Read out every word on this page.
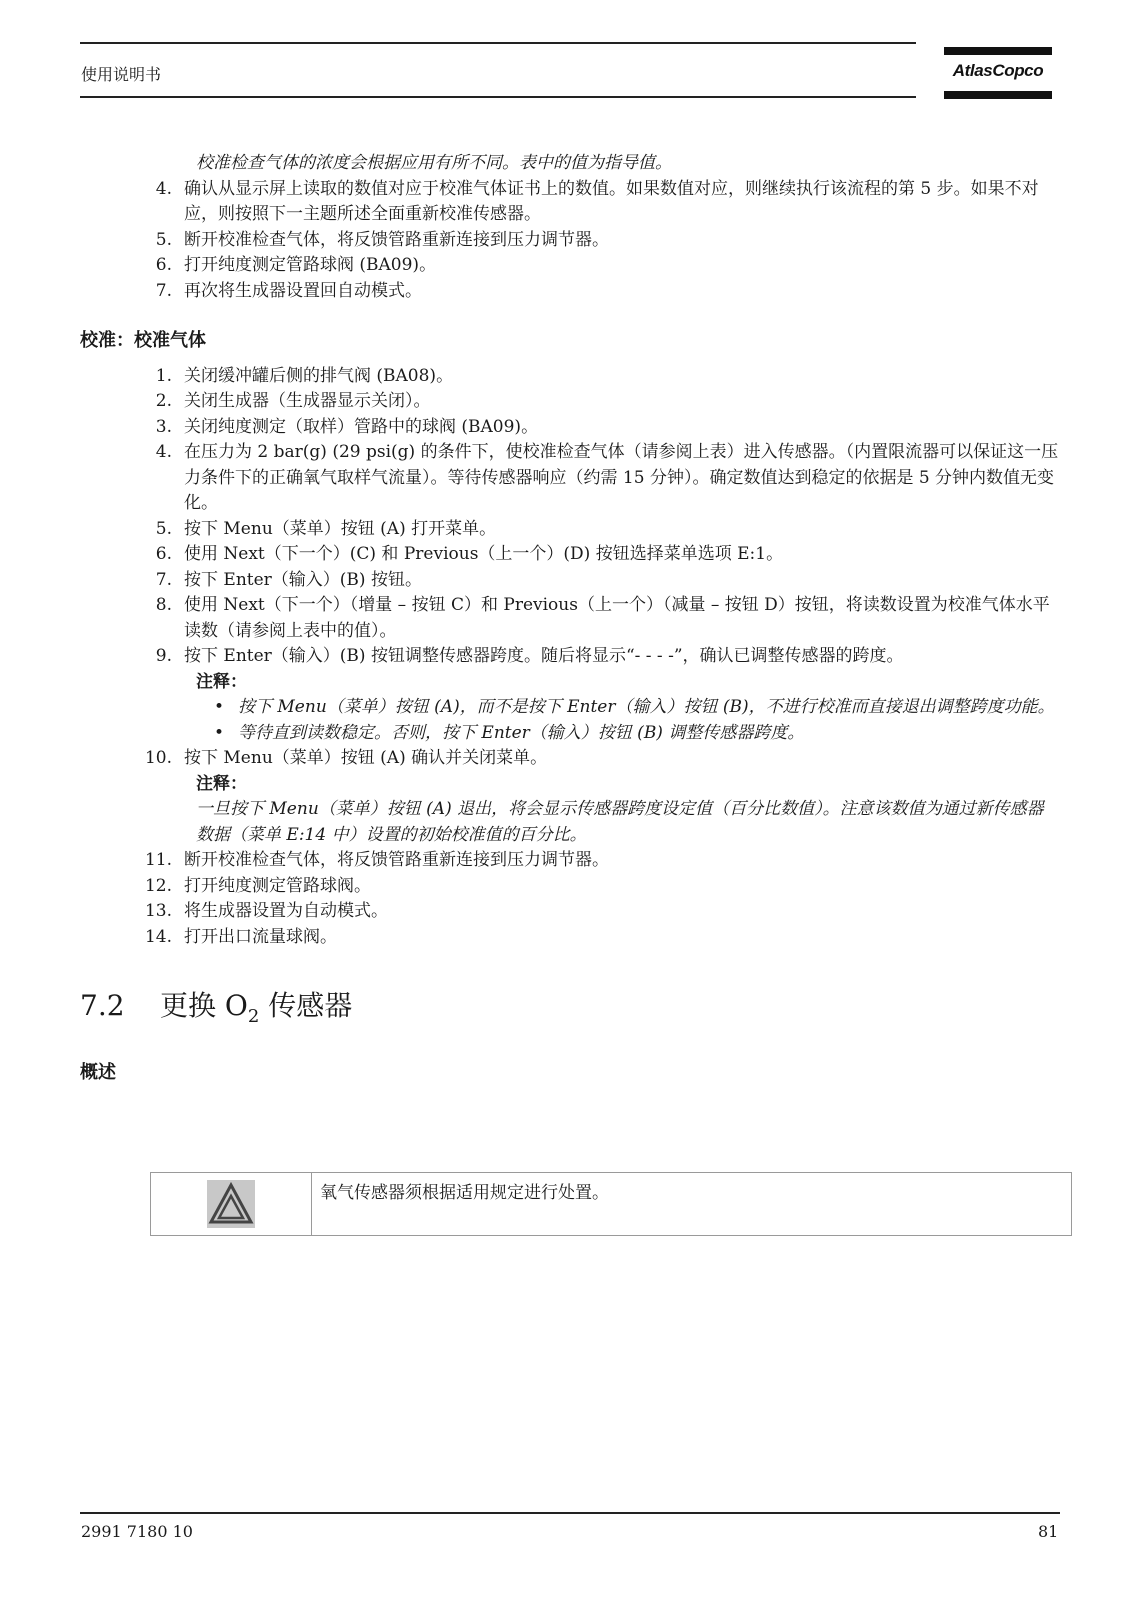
使用说明书	AtlasCopco

校准检查气体的浓度会根据应用有所不同。表中的值为指导值。

4. 确认从显示屏上读取的数值对应于校准气体证书上的数值。如果数值对应，则继续执行该流程的第 5 步。如果不对应，则按照下一主题所述全面重新校准传感器。
5. 断开校准检查气体，将反馈管路重新连接到压力调节器。
6. 打开纯度测定管路球阀 (BA09)。
7. 再次将生成器设置回自动模式。
校准：校准气体
1. 关闭缓冲罐后侧的排气阀 (BA08)。
2. 关闭生成器（生成器显示关闭）。
3. 关闭纯度测定（取样）管路中的球阀 (BA09)。
4. 在压力为 2 bar(g) (29 psi(g) 的条件下，使校准检查气体（请参阅上表）进入传感器。（内置限流器可以保证这一压力条件下的正确氧气取样气流量）。等待传感器响应（约需 15 分钟）。确定数值达到稳定的依据是 5 分钟内数值无变化。
5. 按下 Menu（菜单）按钮 (A) 打开菜单。
6. 使用 Next（下一个）(C) 和 Previous（上一个）(D) 按钮选择菜单选项 E:1。
7. 按下 Enter（输入）(B) 按钮。
8. 使用 Next（下一个）（增量 – 按钮 C）和 Previous（上一个）（减量 – 按钮 D）按钮，将读数设置为校准气体水平读数（请参阅上表中的值）。
9. 按下 Enter（输入）(B) 按钮调整传感器跨度。随后将显示“- - - -”，确认已调整传感器的跨度。
注释：
• 按下 Menu（菜单）按钮 (A)，而不是按下 Enter（输入）按钮 (B)，不进行校准而直接退出调整跨度功能。
• 等待直到读数稳定。否则，按下 Enter（输入）按钮 (B) 调整传感器跨度。
10. 按下 Menu（菜单）按钮 (A) 确认并关闭菜单。
注释：

一旦按下 Menu（菜单）按钮 (A) 退出，将会显示传感器跨度设定值（百分比数值）。注意该数值为通过新传感器数据（菜单 E:14 中）设置的初始校准值的百分比。

11. 断开校准检查气体，将反馈管路重新连接到压力调节器。
12. 打开纯度测定管路球阀。
13. 将生成器设置为自动模式。
14. 打开出口流量球阀。
7.2 更换 $O_2$ 传感器
概述
氧气传感器须根据适用规定进行处置。
2991 7180 10	81
